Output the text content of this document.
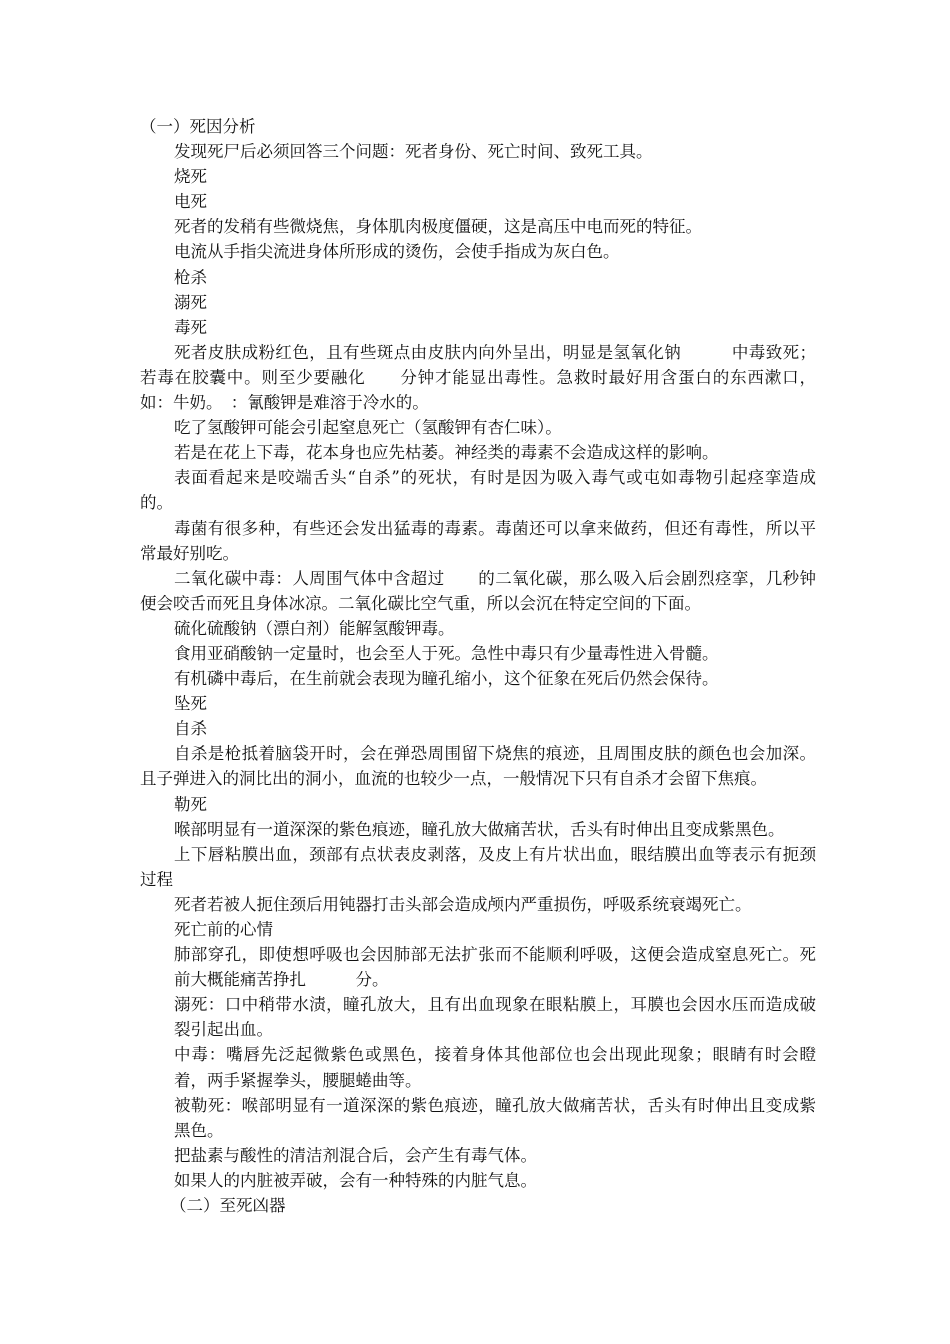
（一）死因分析

发现死尸后必须回答三个问题：死者身份、死亡时间、致死工具。

烧死

电死

死者的发稍有些微烧焦，身体肌肉极度僵硬，这是高压中电而死的特征。

电流从手指尖流进身体所形成的烫伤，会使手指成为灰白色。

枪杀

溺死

毒死

死者皮肤成粉红色，且有些斑点由皮肤内向外呈出，明显是氢氧化钠　　　中毒致死；若毒在胶囊中。则至少要融化　　分钟才能显出毒性。急救时最好用含蛋白的东西漱口，如：牛奶。　：氰酸钾是难溶于冷水的。

吃了氢酸钾可能会引起窒息死亡（氢酸钾有杏仁味）。

若是在花上下毒，花本身也应先枯萎。神经类的毒素不会造成这样的影响。

表面看起来是咬端舌头“自杀”的死状，有时是因为吸入毒气或屯如毒物引起痉挛造成的。

毒菌有很多种，有些还会发出猛毒的毒素。毒菌还可以拿来做药，但还有毒性，所以平常最好别吃。

二氧化碳中毒：人周围气体中含超过　　的二氧化碳，那么吸入后会剧烈痉挛，几秒钟便会咬舌而死且身体冰凉。二氧化碳比空气重，所以会沉在特定空间的下面。

硫化硫酸钠（漂白剂）能解氢酸钾毒。

食用亚硝酸钠一定量时，也会至人于死。急性中毒只有少量毒性进入骨髓。

有机磷中毒后，在生前就会表现为瞳孔缩小，这个征象在死后仍然会保待。

坠死

自杀

自杀是枪抵着脑袋开时，会在弹恐周围留下烧焦的痕迹，且周围皮肤的颜色也会加深。且子弹进入的洞比出的洞小，血流的也较少一点，一般情况下只有自杀才会留下焦痕。

勒死

喉部明显有一道深深的紫色痕迹，瞳孔放大做痛苦状，舌头有时伸出且变成紫黑色。

上下唇粘膜出血，颈部有点状表皮剥落，及皮上有片状出血，眼结膜出血等表示有扼颈过程

死者若被人扼住颈后用钝器打击头部会造成颅内严重损伤，呼吸系统衰竭死亡。

死亡前的心情

肺部穿孔，即使想呼吸也会因肺部无法扩张而不能顺利呼吸，这便会造成窒息死亡。死前大概能痛苦挣扎　　　分。

溺死：口中稍带水渍，瞳孔放大，且有出血现象在眼粘膜上，耳膜也会因水压而造成破裂引起出血。

中毒：嘴唇先泛起微紫色或黑色，接着身体其他部位也会出现此现象；眼睛有时会瞪着，两手紧握拳头，腰腿蜷曲等。

被勒死：喉部明显有一道深深的紫色痕迹，瞳孔放大做痛苦状，舌头有时伸出且变成紫黑色。

把盐素与酸性的清洁剂混合后，会产生有毒气体。

如果人的内脏被弄破，会有一种特殊的内脏气息。

（二）至死凶器
